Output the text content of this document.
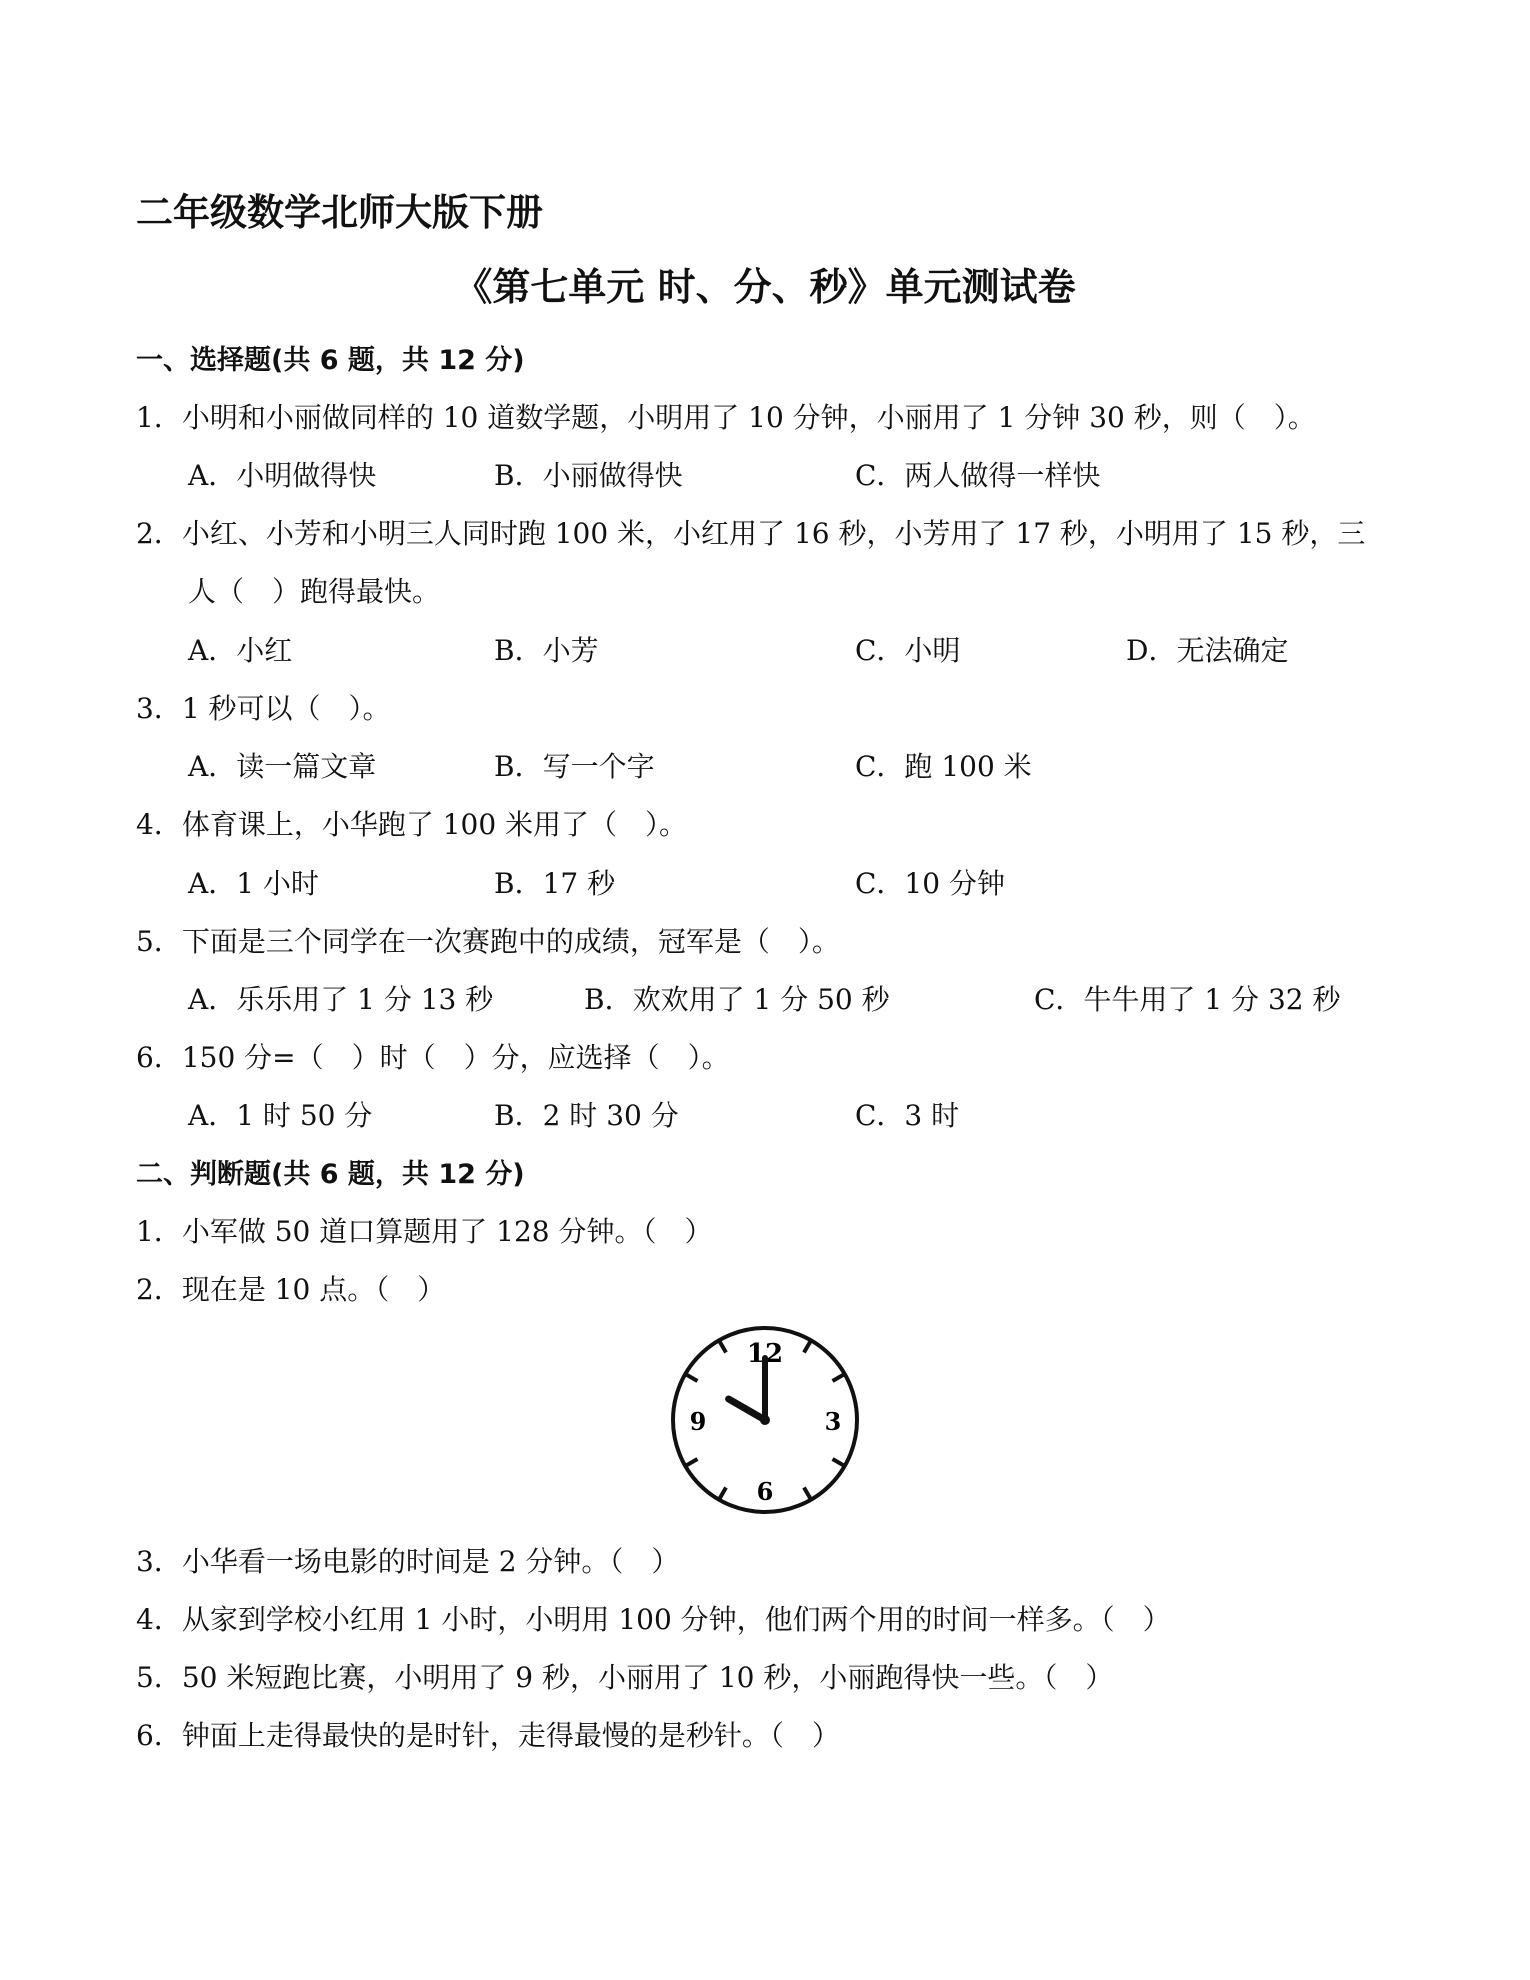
二年级数学北师大版下册
《第七单元 时、分、秒》单元测试卷
一、选择题(共 6 题，共 12 分)
1．小明和小丽做同样的 10 道数学题，小明用了 10 分钟，小丽用了 1 分钟 30 秒，则（　）。
A．小明做得快	B．小丽做得快	C．两人做得一样快
2．小红、小芳和小明三人同时跑 100 米，小红用了 16 秒，小芳用了 17 秒，小明用了 15 秒，三
人（　）跑得最快。
A．小红	B．小芳	C．小明	D．无法确定
3．1 秒可以（　）。
A．读一篇文章	B．写一个字	C．跑 100 米
4．体育课上，小华跑了 100 米用了（　）。
A．1 小时	B．17 秒	C．10 分钟
5．下面是三个同学在一次赛跑中的成绩，冠军是（　）。
A．乐乐用了 1 分 13 秒	B．欢欢用了 1 分 50 秒	C．牛牛用了 1 分 32 秒
6．150 分=（　）时（　）分，应选择（　）。
A．1 时 50 分	B．2 时 30 分	C．3 时
二、判断题(共 6 题，共 12 分)
1．小军做 50 道口算题用了 128 分钟。（　）
2．现在是 10 点。（　）
12
3
6
9
3．小华看一场电影的时间是 2 分钟。（　）
4．从家到学校小红用 1 小时，小明用 100 分钟，他们两个用的时间一样多。（　）
5．50 米短跑比赛，小明用了 9 秒，小丽用了 10 秒，小丽跑得快一些。（　）
6．钟面上走得最快的是时针，走得最慢的是秒针。（　）
